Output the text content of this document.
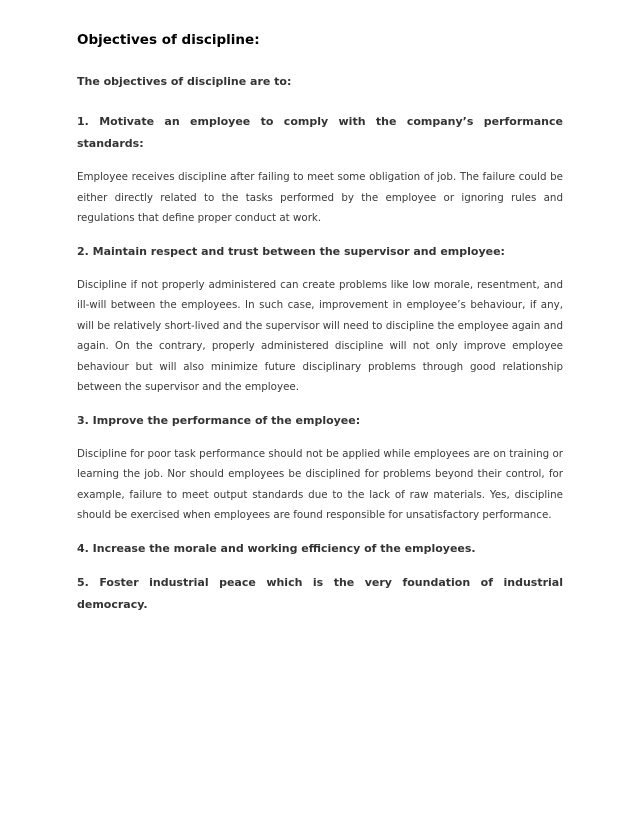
Objectives of discipline:

The objectives of discipline are to:

1. Motivate an employee to comply with the company’s performance standards:

Employee receives discipline after failing to meet some obligation of job. The failure could be either directly related to the tasks performed by the employee or ignoring rules and regulations that define proper conduct at work.

2. Maintain respect and trust between the supervisor and employee:

Discipline if not properly administered can create problems like low morale, resentment, and ill-will between the employees. In such case, improvement in employee’s behaviour, if any, will be relatively short-lived and the supervisor will need to discipline the employee again and again. On the contrary, properly administered discipline will not only improve employee behaviour but will also minimize future disciplinary problems through good relationship between the supervisor and the employee.

3. Improve the performance of the employee:

Discipline for poor task performance should not be applied while employees are on training or learning the job. Nor should employees be disciplined for problems beyond their control, for example, failure to meet output standards due to the lack of raw materials. Yes, discipline should be exercised when employees are found responsible for unsatisfactory performance.

4. Increase the morale and working efficiency of the employees.

5. Foster industrial peace which is the very foundation of industrial democracy.
